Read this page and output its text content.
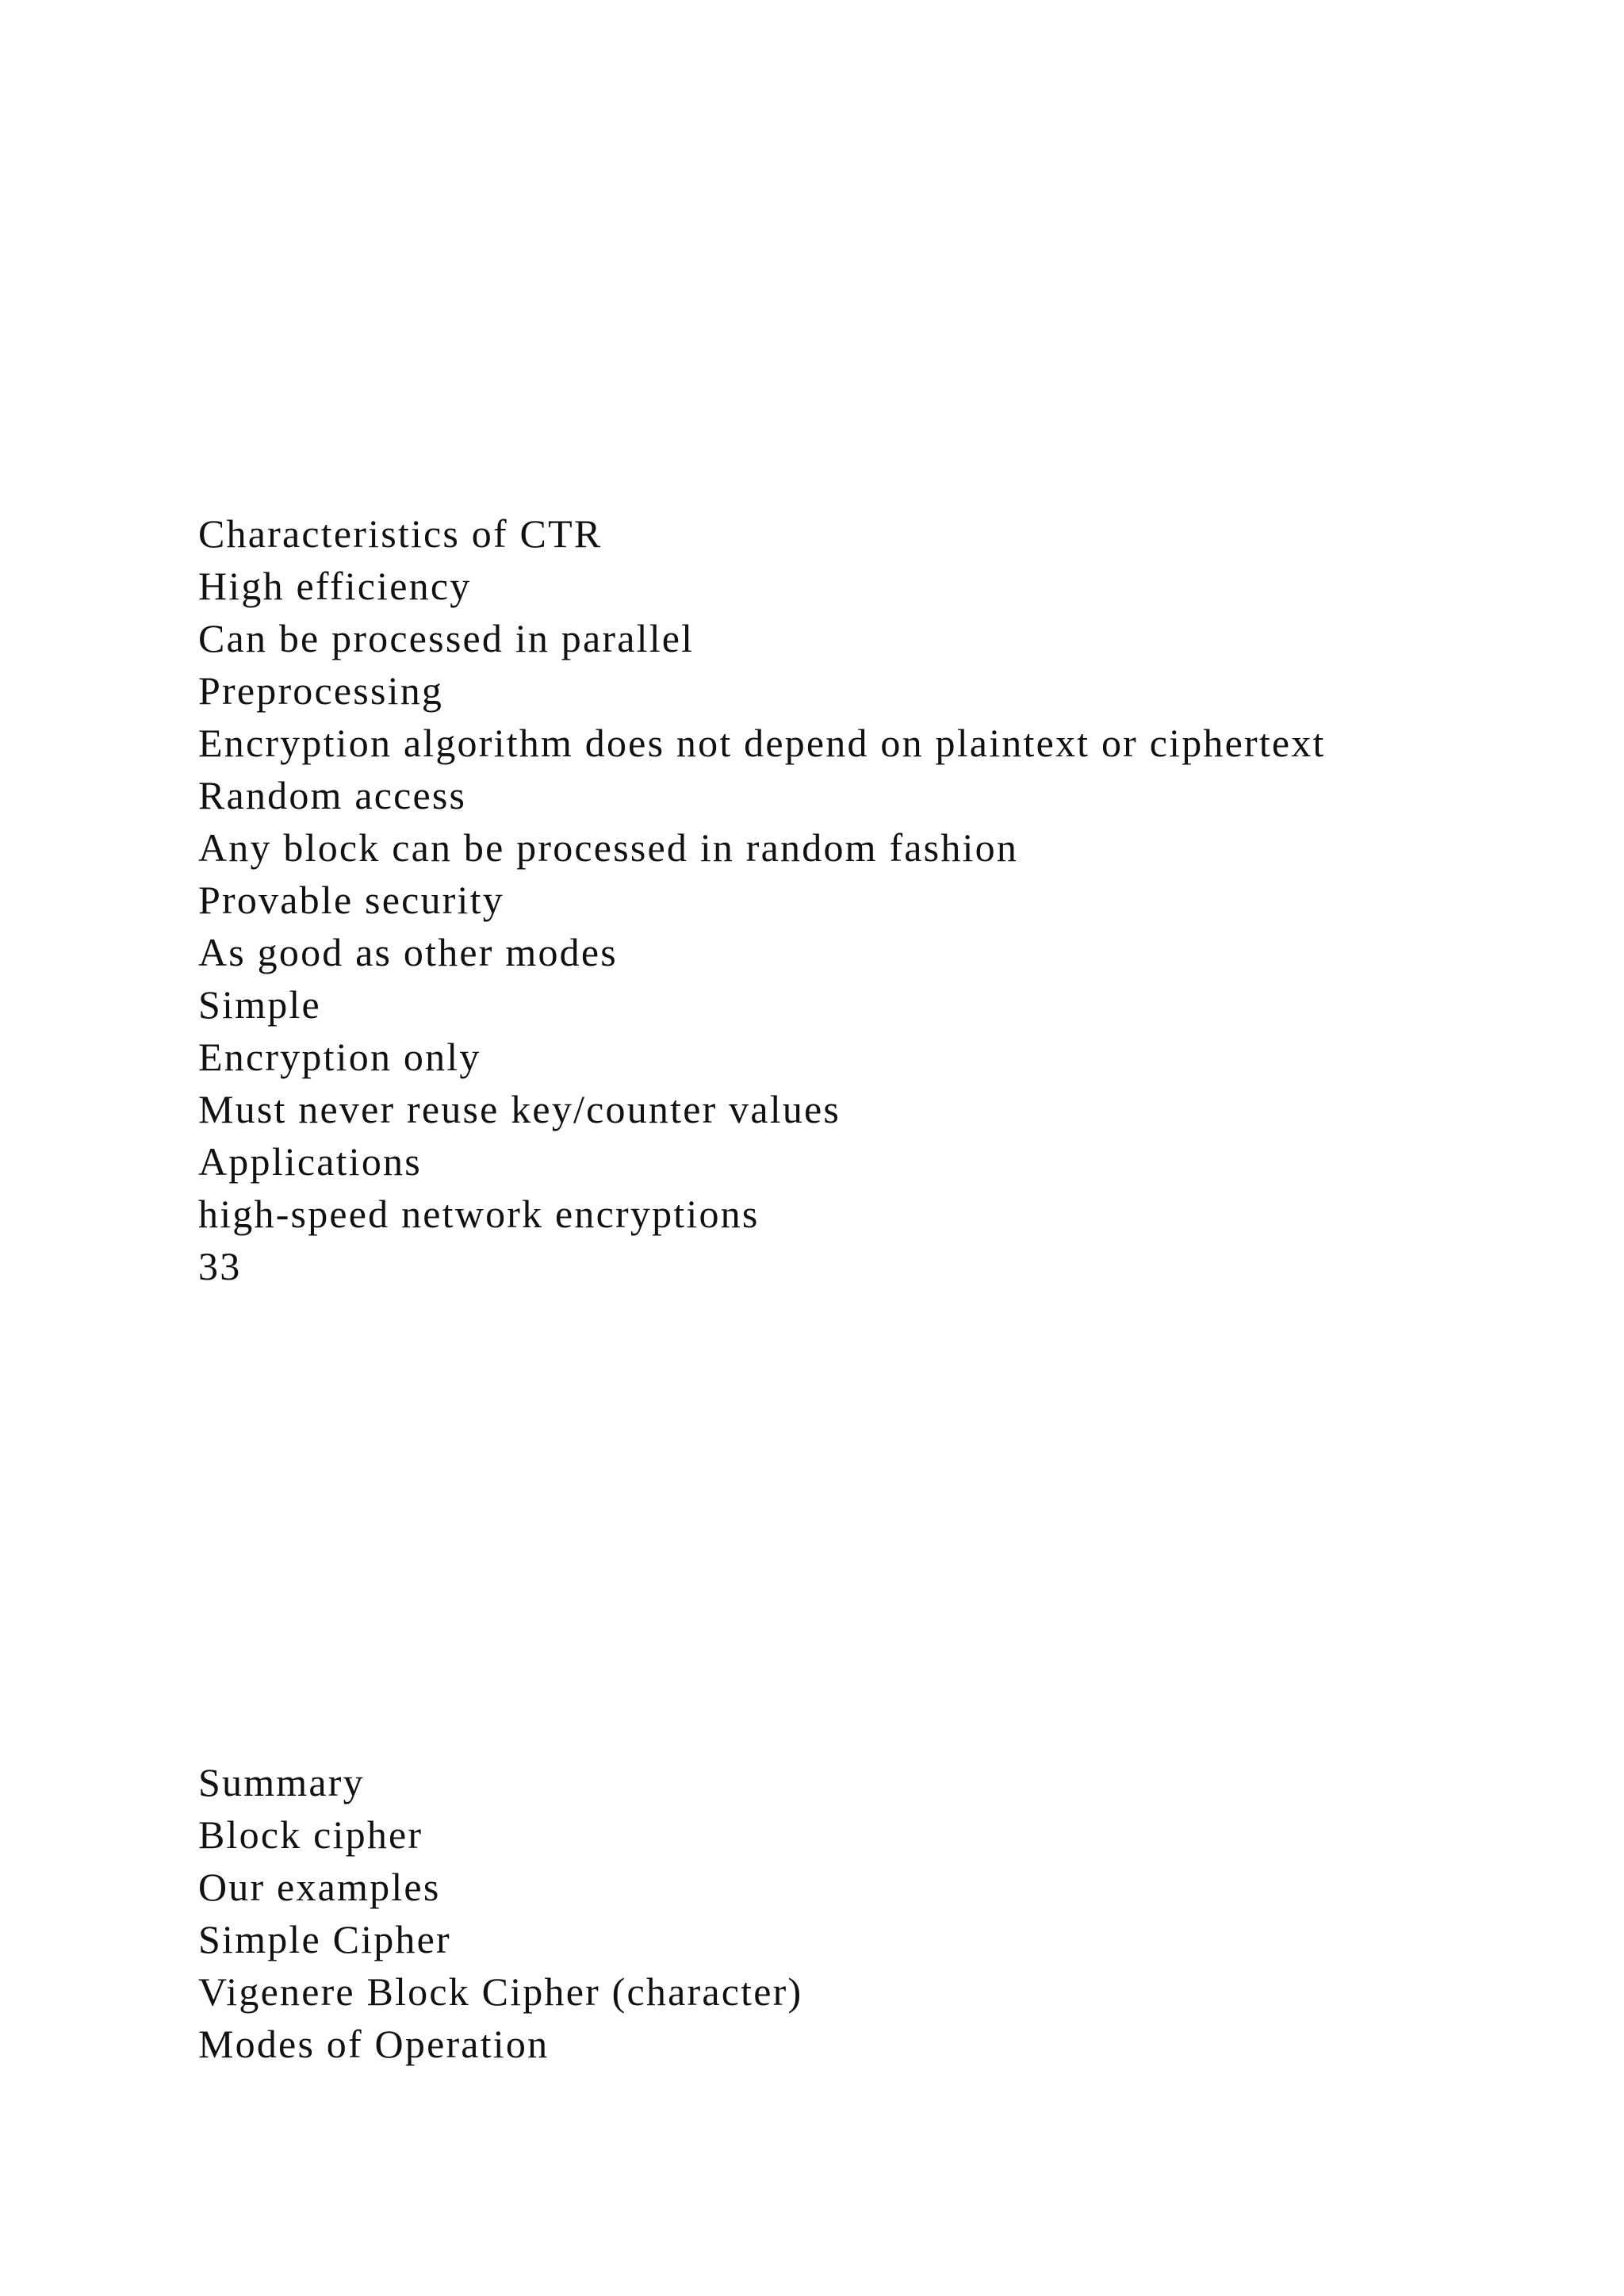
Characteristics of CTR
High efficiency
Can be processed in parallel
Preprocessing
Encryption algorithm does not depend on plaintext or ciphertext
Random access
Any block can be processed in random fashion
Provable security
As good as other modes
Simple
Encryption only
Must never reuse key/counter values
Applications
high-speed network encryptions
33
Summary
Block cipher
Our examples
Simple Cipher
Vigenere Block Cipher (character)
Modes of Operation
